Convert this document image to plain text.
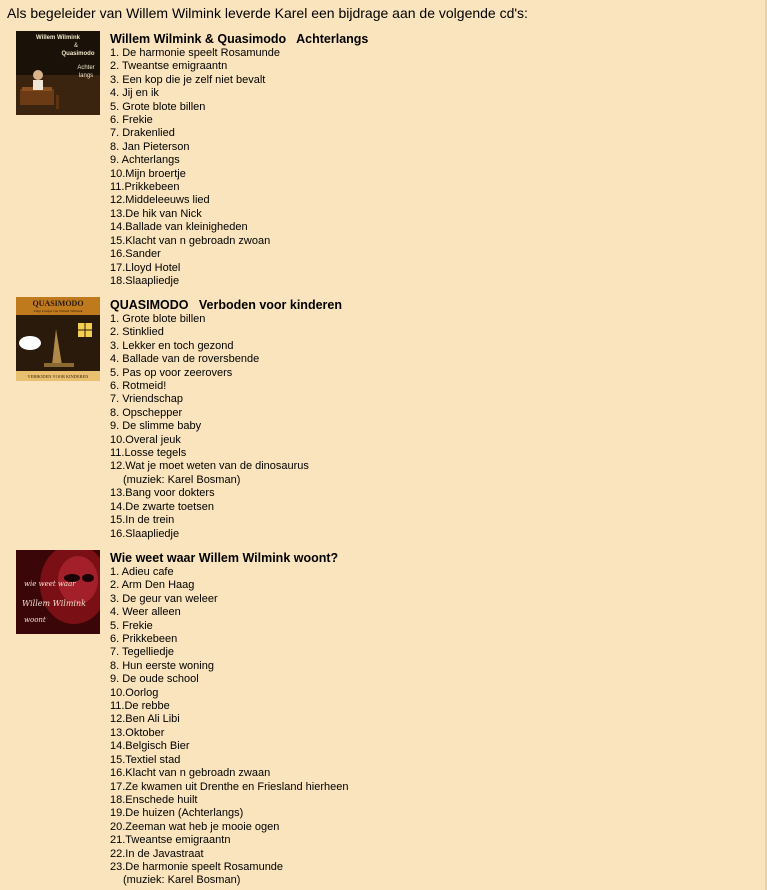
Als begeleider van Willem Wilmink leverde Karel een bijdrage aan de volgende cd's:
Willem Wilmink
&
Quasimodo
Achter
langs
Willem Wilmink & Quasimodo   Achterlangs
1. De harmonie speelt Rosamunde
2. Tweantse emigraantn
3. Een kop die je zelf niet bevalt
4. Jij en ik
5. Grote blote billen
6. Frekie
7. Drakenlied
8. Jan Pieterson
9. Achterlangs
10.Mijn broertje
11.Prikkebeen
12.Middeleeuws lied
13.De hik van Nick
14.Ballade van kleinigheden
15.Klacht van n gebroadn zwoan
16.Sander
17.Lloyd Hotel
18.Slaapliedje
QUASIMODO
Zingt Liedjes van Willem Wilmink
VERBODEN VOOR KINDEREN
QUASIMODO   Verboden voor kinderen
1. Grote blote billen
2. Stinklied
3. Lekker en toch gezond
4. Ballade van de roversbende
5. Pas op voor zeerovers
6. Rotmeid!
7. Vriendschap
8. Opschepper
9. De slimme baby
10.Overal jeuk
11.Losse tegels
12.Wat je moet weten van de dinosaurus
(muziek: Karel Bosman)
13.Bang voor dokters
14.De zwarte toetsen
15.In de trein
16.Slaapliedje
wie weet waar
Willem Wilmink
woont
Wie weet waar Willem Wilmink woont?
1. Adieu cafe
2. Arm Den Haag
3. De geur van weleer
4. Weer alleen
5. Frekie
6. Prikkebeen
7. Tegelliedje
8. Hun eerste woning
9. De oude school
10.Oorlog
11.De rebbe
12.Ben Ali Libi
13.Oktober
14.Belgisch Bier
15.Textiel stad
16.Klacht van n gebroadn zwaan
17.Ze kwamen uit Drenthe en Friesland hierheen
18.Enschede huilt
19.De huizen (Achterlangs)
20.Zeeman wat heb je mooie ogen
21.Tweantse emigraantn
22.In de Javastraat
23.De harmonie speelt Rosamunde
(muziek: Karel Bosman)
